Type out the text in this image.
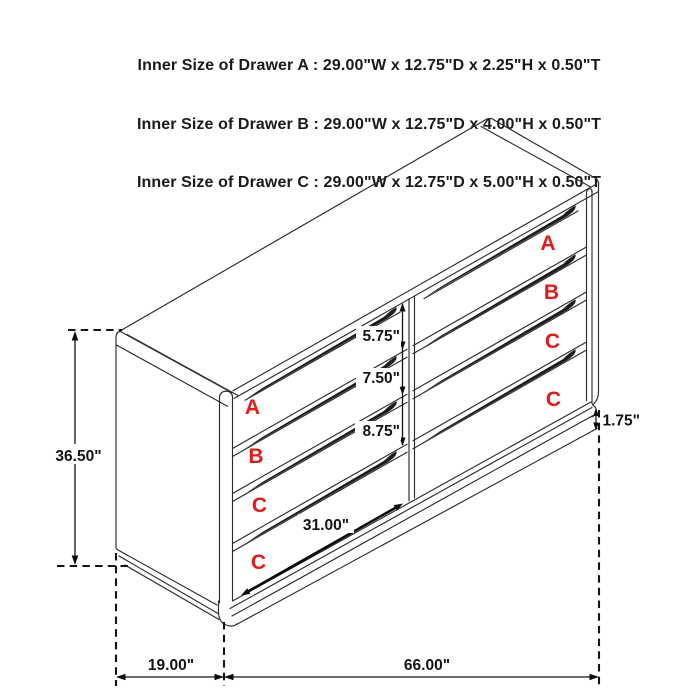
Inner Size of Drawer A : 29.00"W x 12.75"D x 2.25"H x 0.50"T

Inner Size of Drawer B : 29.00"W x 12.75"D x 4.00"H x 0.50"T

Inner Size of Drawer C : 29.00"W x 12.75"D x 5.00"H x 0.50"T

36.50"
19.00"	66.00"
1.75"
5.75"
7.50"
8.75"
31.00"
A
B
C
C
A
B
C
C
